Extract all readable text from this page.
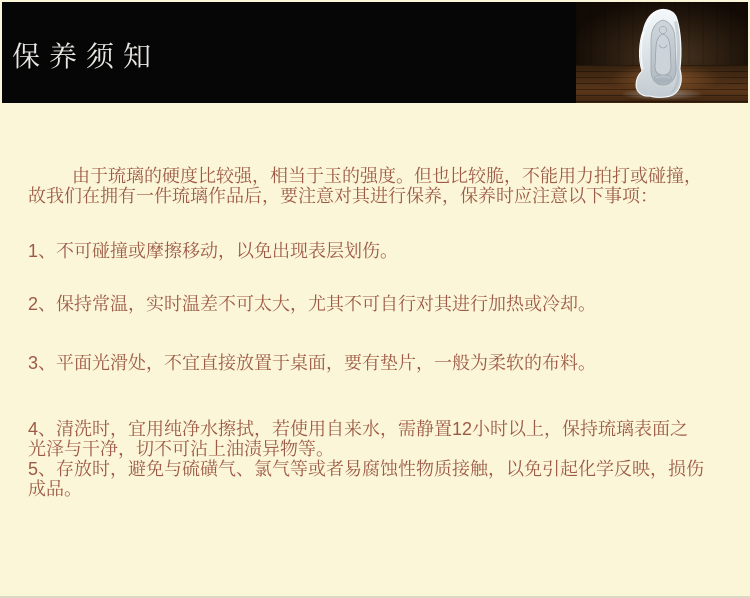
保养须知

由于琉璃的硬度比较强，相当于玉的强度。但也比较脆，不能用力拍打或碰撞，故我们在拥有一件琉璃作品后，要注意对其进行保养，保养时应注意以下事项：

1、不可碰撞或摩擦移动，以免出现表层划伤。

2、保持常温，实时温差不可太大，尤其不可自行对其进行加热或冷却。

3、平面光滑处，不宜直接放置于桌面，要有垫片，一般为柔软的布料。

4、清洗时，宜用纯净水擦拭，若使用自来水，需静置12小时以上，保持琉璃表面之光泽与干净，切不可沾上油渍异物等。

5、存放时，避免与硫磺气、氯气等或者易腐蚀性物质接触，以免引起化学反映，损伤成品。
